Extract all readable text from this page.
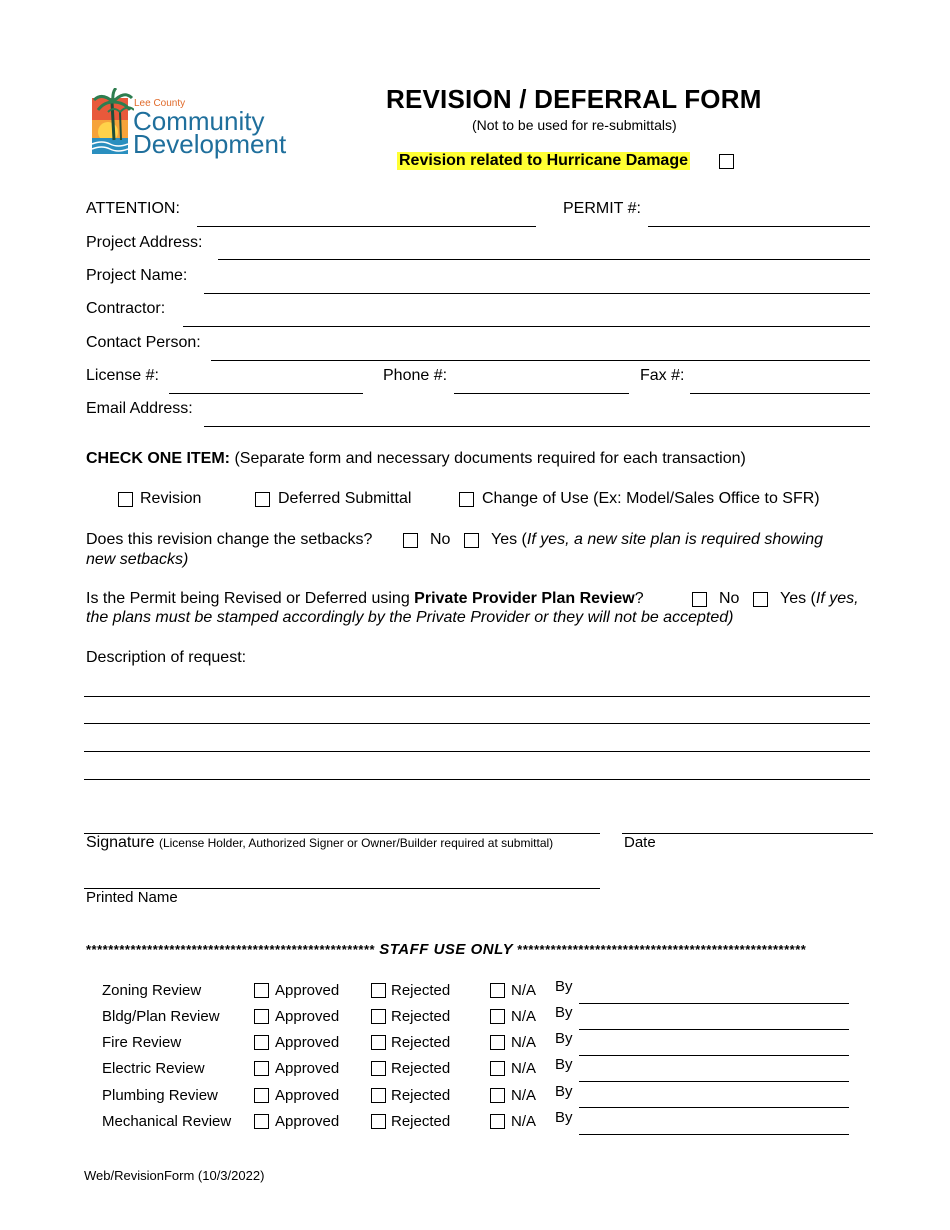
Lee County
Community
Development
REVISION / DEFERRAL FORM
(Not to be used for re-submittals)
Revision related to Hurricane Damage
ATTENTION:	PERMIT #:
Project Address:
Project Name:
Contractor:
Contact Person:
License #:	Phone #:	Fax #:
Email Address:
CHECK ONE ITEM: (Separate form and necessary documents required for each transaction)
Revision	Deferred Submittal	Change of Use (Ex: Model/Sales Office to SFR)
Does this revision change the setbacks?	No	Yes (If yes, a new site plan is required showing
new setbacks)
Is the Permit being Revised or Deferred using Private Provider Plan Review?	No	Yes (If yes,
the plans must be stamped accordingly by the Private Provider or they will not be accepted)
Description of request:
Signature (License Holder, Authorized Signer or Owner/Builder required at submittal)	Date
Printed Name
**************************************************** STAFF USE ONLY ****************************************************
Zoning Review	Approved	Rejected	N/A By
Bldg/Plan Review	Approved	Rejected	N/A By
Fire Review	Approved	Rejected	N/A By
Electric Review	Approved	Rejected	N/A By
Plumbing Review	Approved	Rejected	N/A By
Mechanical Review	Approved	Rejected	N/A By
Web/RevisionForm (10/3/2022)
